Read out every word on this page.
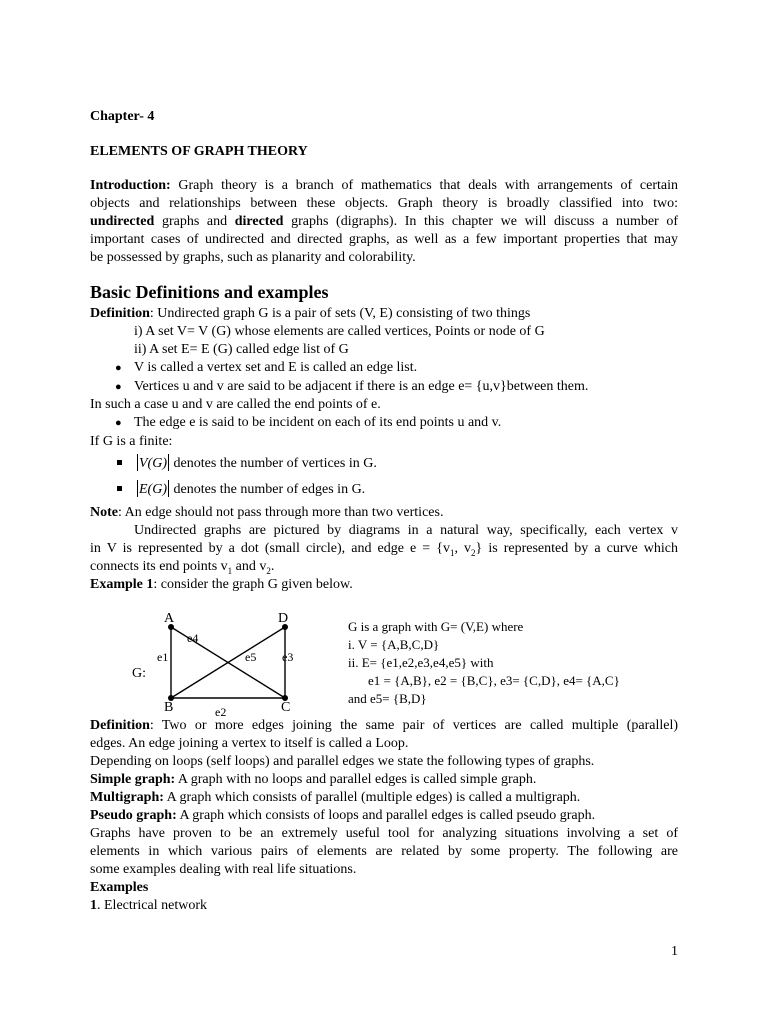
Chapter- 4
ELEMENTS OF GRAPH THEORY
Introduction: Graph theory is a branch of mathematics that deals with arrangements of certain
objects and relationships between these objects. Graph theory is broadly classified into two:
undirected graphs and directed graphs (digraphs). In this chapter we will discuss a number of
important cases of undirected and directed graphs, as well as a few important properties that may
be possessed by graphs, such as planarity and colorability.
Basic Definitions and examples
Definition: Undirected graph G is a pair of sets (V, E) consisting of two things
i) A set V= V (G) whose elements are called vertices, Points or node of G
ii) A set E= E (G) called edge list of G
● V is called a vertex set and E is called an edge list.
● Vertices u and v are said to be adjacent if there is an edge e= {u,v}between them.
In such a case u and v are called the end points of e.
● The edge e is said to be incident on each of its end points u and v.
If G is a finite:
V(G) denotes the number of vertices in G.
E(G) denotes the number of edges in G.
Note: An edge should not pass through more than two vertices.
Undirected graphs are pictured by diagrams in a natural way, specifically, each vertex v
in V is represented by a dot (small circle), and edge $e = \{v_1$, $v_2$} is represented by a curve which
connects its end points $v_1$ and $v_2$.
Example 1: consider the graph G given below.
A	D
B	C
e4
e1	e5 e3
e2
G:
G is a graph with G= (V,E) where
i. V = {A,B,C,D}
ii. E= {e1,e2,e3,e4,e5} with
e1 = {A,B}, e2 = {B,C}, e3= {C,D}, e4= {A,C}
and e5= {B,D}
Definition: Two or more edges joining the same pair of vertices are called multiple (parallel)
edges. An edge joining a vertex to itself is called a Loop.
Depending on loops (self loops) and parallel edges we state the following types of graphs.
Simple graph: A graph with no loops and parallel edges is called simple graph.
Multigraph: A graph which consists of parallel (multiple edges) is called a multigraph.
Pseudo graph: A graph which consists of loops and parallel edges is called pseudo graph.
Graphs have proven to be an extremely useful tool for analyzing situations involving a set of
elements in which various pairs of elements are related by some property. The following are
some examples dealing with real life situations.
Examples
1. Electrical network
1
